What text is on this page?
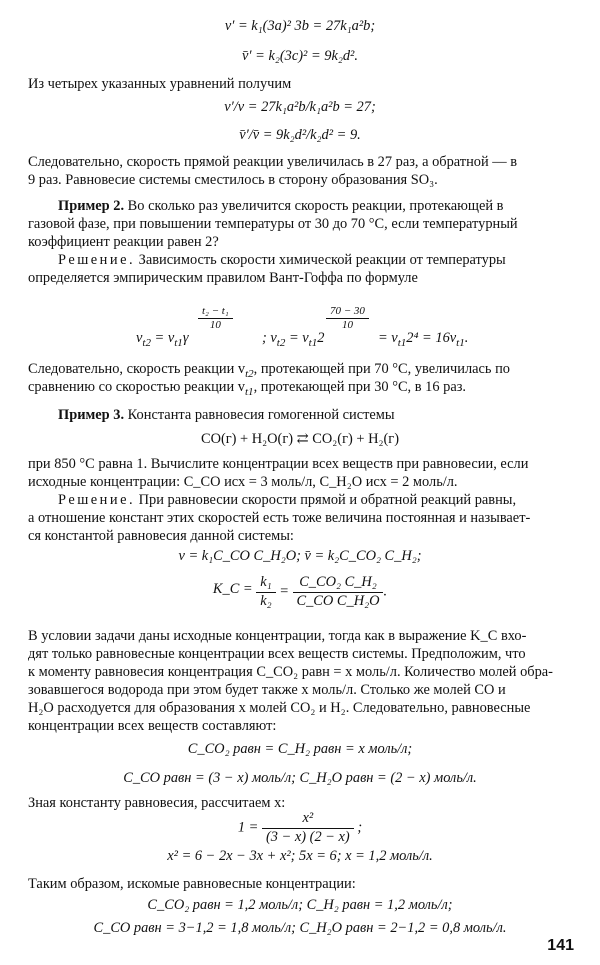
v′ = k₁(3a)² 3b = 27k₁a²b;
v̄′ = k₂(3c)² = 9k₂d².
Из четырех указанных уравнений получим
v′/v = 27k₁a²b/k₁a²b = 27;
v̄′/v̄ = 9k₂d²/k₂d² = 9.
Следовательно, скорость прямой реакции увеличилась в 27 раз, а обратной — в
9 раз. Равновесие системы сместилось в сторону образования SO₃.
Пример 2. Во сколько раз увеличится скорость реакции, протекающей в
газовой фазе, при повышении температуры от 30 до 70 °С, если температурный
коэффициент реакции равен 2?
Решение. Зависимость скорости химической реакции от температуры
определяется эмпирическим правилом Вант-Гоффа по формуле
$v_{t2} = v_{t1}\gamma$
$\frac{\text{t₂ − t₁}}{10}$
; $v_{t2} = v_{t1}2$
$\frac{70 - 30}{10}$
= $v_{t1}2^4 = 16v_{t1}$.
Следовательно, скорость реакции $v_{t2}$, протекающей при 70 °С, увеличилась по
сравнению со скоростью реакции $v_{t1}$, протекающей при 30 °С, в 16 раз.
Пример 3. Константа равновесия гомогенной системы
CO(г) + H₂O(г) ⇄ CO₂(г) + H₂(г)
при 850 °С равна 1. Вычислите концентрации всех веществ при равновесии, если
исходные концентрации: C_CO исх = 3 моль/л, C_H₂O исх = 2 моль/л.
Решение. При равновесии скорости прямой и обратной реакций равны,
а отношение констант этих скоростей есть тоже величина постоянная и называет-
ся константой равновесия данной системы:
v = k₁C_CO C_H₂O; v̄ = k₂C_CO₂ C_H₂;
K_C = $\frac{\text{k₁}}{\text{k₂}} = \frac{\text{C\_CO₂ C\_H₂}}{\text{C\_CO C\_H₂O}}$ .
В условии задачи даны исходные концентрации, тогда как в выражение K_C вхо-
дят только равновесные концентрации всех веществ системы. Предположим, что
к моменту равновесия концентрация C_CO₂ равн = x моль/л. Количество молей обра-
зовавшегося водорода при этом будет также x моль/л. Столько же молей CO и
H₂O расходуется для образования x молей CO₂ и H₂. Следовательно, равновесные
концентрации всех веществ составляют:
C_CO₂ равн = C_H₂ равн = x моль/л;
C_CO равн = (3 − x) моль/л; C_H₂O равн = (2 − x) моль/л.
Зная константу равновесия, рассчитаем x:
$1 = \frac{\text{x²}}{(3 - x) (2 - x)}$ ;
x² = 6 − 2x − 3x + x²; 5x = 6; x = 1,2 моль/л.
Таким образом, искомые равновесные концентрации:
C_CO₂ равн = 1,2 моль/л; C_H₂ равн = 1,2 моль/л;
C_CO равн = 3−1,2 = 1,8 моль/л; C_H₂O равн = 2−1,2 = 0,8 моль/л.
141
